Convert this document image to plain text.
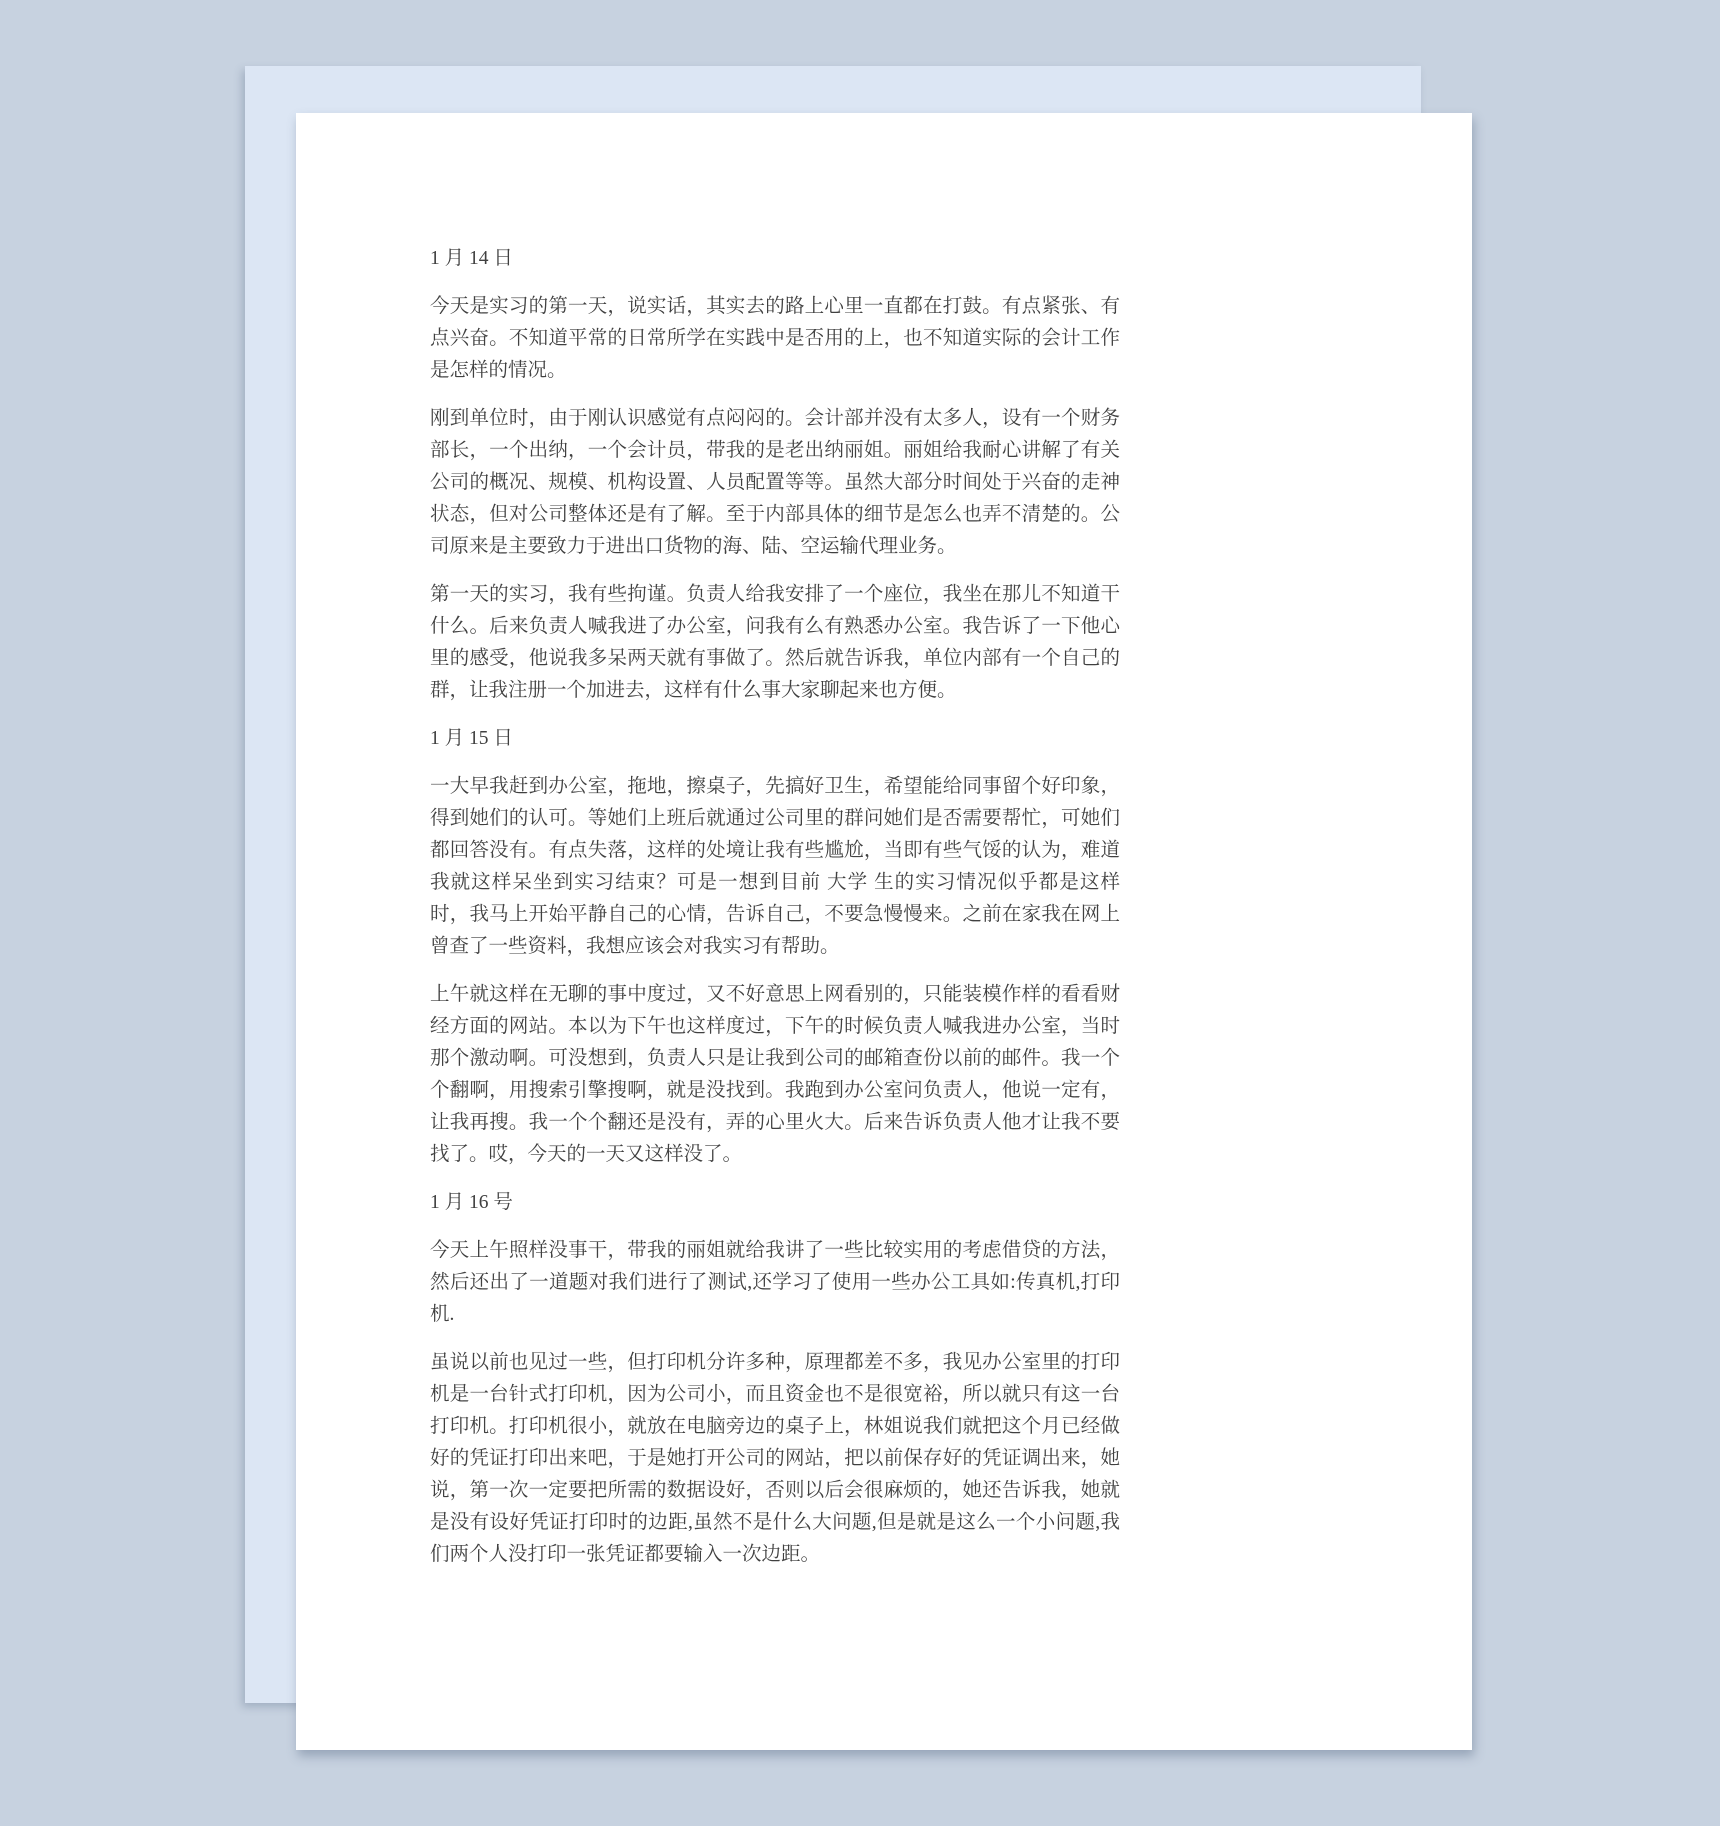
1 月 14 日

今天是实习的第一天，说实话，其实去的路上心里一直都在打鼓。有点紧张、有点兴奋。不知道平常的日常所学在实践中是否用的上，也不知道实际的会计工作是怎样的情况。

刚到单位时，由于刚认识感觉有点闷闷的。会计部并没有太多人，设有一个财务部长，一个出纳，一个会计员，带我的是老出纳丽姐。丽姐给我耐心讲解了有关公司的概况、规模、机构设置、人员配置等等。虽然大部分时间处于兴奋的走神状态，但对公司整体还是有了解。至于内部具体的细节是怎么也弄不清楚的。公司原来是主要致力于进出口货物的海、陆、空运输代理业务。

第一天的实习，我有些拘谨。负责人给我安排了一个座位，我坐在那儿不知道干什么。后来负责人喊我进了办公室，问我有么有熟悉办公室。我告诉了一下他心里的感受，他说我多呆两天就有事做了。然后就告诉我，单位内部有一个自己的群，让我注册一个加进去，这样有什么事大家聊起来也方便。

1 月 15 日

一大早我赶到办公室，拖地，擦桌子，先搞好卫生，希望能给同事留个好印象，得到她们的认可。等她们上班后就通过公司里的群问她们是否需要帮忙，可她们都回答没有。有点失落，这样的处境让我有些尴尬，当即有些气馁的认为，难道我就这样呆坐到实习结束？可是一想到目前 大学 生的实习情况似乎都是这样时，我马上开始平静自己的心情，告诉自己，不要急慢慢来。之前在家我在网上曾查了一些资料，我想应该会对我实习有帮助。

上午就这样在无聊的事中度过，又不好意思上网看别的，只能装模作样的看看财经方面的网站。本以为下午也这样度过，下午的时候负责人喊我进办公室，当时那个激动啊。可没想到，负责人只是让我到公司的邮箱查份以前的邮件。我一个个翻啊，用搜索引擎搜啊，就是没找到。我跑到办公室问负责人，他说一定有，让我再搜。我一个个翻还是没有，弄的心里火大。后来告诉负责人他才让我不要找了。哎，今天的一天又这样没了。

1 月 16 号

今天上午照样没事干，带我的丽姐就给我讲了一些比较实用的考虑借贷的方法，然后还出了一道题对我们进行了测试,还学习了使用一些办公工具如:传真机,打印机.

虽说以前也见过一些，但打印机分许多种，原理都差不多，我见办公室里的打印机是一台针式打印机，因为公司小，而且资金也不是很宽裕，所以就只有这一台打印机。打印机很小，就放在电脑旁边的桌子上，林姐说我们就把这个月已经做好的凭证打印出来吧，于是她打开公司的网站，把以前保存好的凭证调出来，她说，第一次一定要把所需的数据设好，否则以后会很麻烦的，她还告诉我，她就是没有设好凭证打印时的边距,虽然不是什么大问题,但是就是这么一个小问题,我们两个人没打印一张凭证都要输入一次边距。
